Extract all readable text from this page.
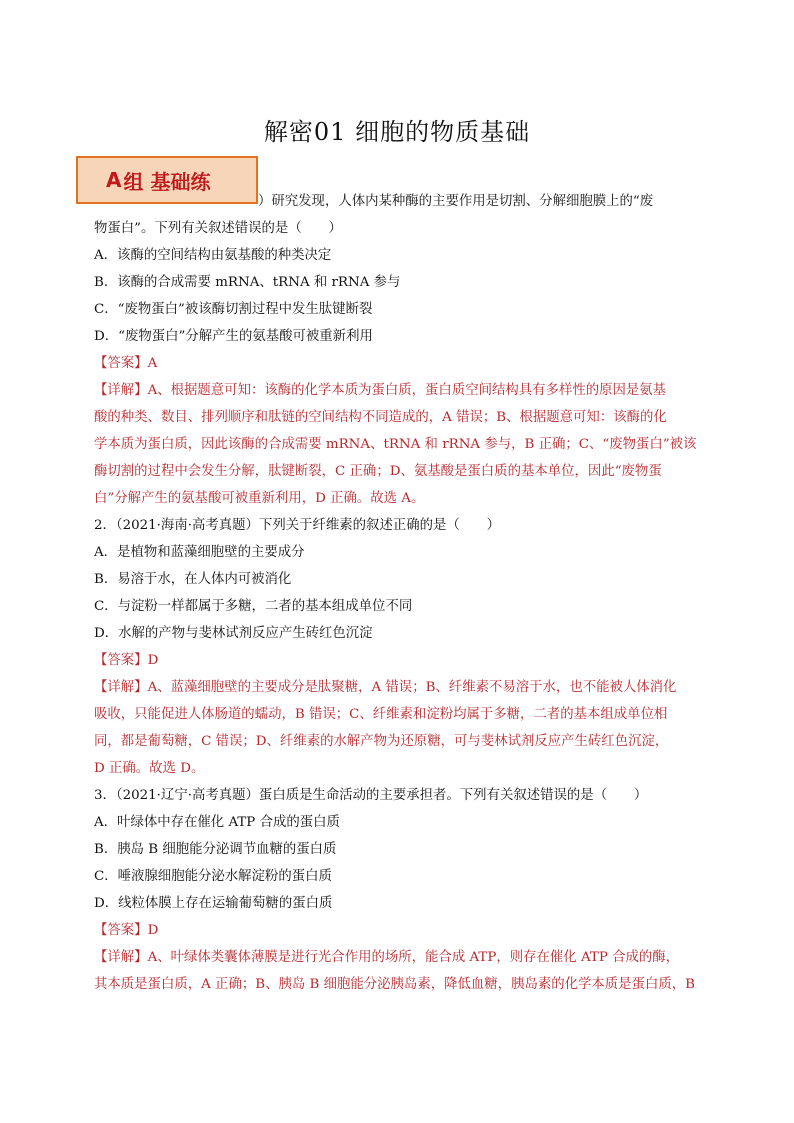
解密01 细胞的物质基础
A 组 基础练
）研究发现，人体内某种酶的主要作用是切割、分解细胞膜上的“废
物蛋白”。下列有关叙述错误的是（　　）
A．该酶的空间结构由氨基酸的种类决定
B．该酶的合成需要 mRNA、tRNA 和 rRNA 参与
C．“废物蛋白”被该酶切割过程中发生肽键断裂
D．“废物蛋白”分解产生的氨基酸可被重新利用
【答案】A
【详解】A、根据题意可知：该酶的化学本质为蛋白质，蛋白质空间结构具有多样性的原因是氨基
酸的种类、数目、排列顺序和肽链的空间结构不同造成的，A 错误；B、根据题意可知：该酶的化
学本质为蛋白质，因此该酶的合成需要 mRNA、tRNA 和 rRNA 参与，B 正确；C、“废物蛋白”被该
酶切割的过程中会发生分解，肽键断裂，C 正确；D、氨基酸是蛋白质的基本单位，因此“废物蛋
白”分解产生的氨基酸可被重新利用，D 正确。故选 A。
2．（2021·海南·高考真题）下列关于纤维素的叙述正确的是（　　）
A．是植物和蓝藻细胞壁的主要成分
B．易溶于水，在人体内可被消化
C．与淀粉一样都属于多糖，二者的基本组成单位不同
D．水解的产物与斐林试剂反应产生砖红色沉淀
【答案】D
【详解】A、蓝藻细胞壁的主要成分是肽聚糖，A 错误；B、纤维素不易溶于水，也不能被人体消化
吸收，只能促进人体肠道的蠕动，B 错误；C、纤维素和淀粉均属于多糖，二者的基本组成单位相
同，都是葡萄糖，C 错误；D、纤维素的水解产物为还原糖，可与斐林试剂反应产生砖红色沉淀，
D 正确。故选 D。
3．（2021·辽宁·高考真题）蛋白质是生命活动的主要承担者。下列有关叙述错误的是（　　）
A．叶绿体中存在催化 ATP 合成的蛋白质
B．胰岛 B 细胞能分泌调节血糖的蛋白质
C．唾液腺细胞能分泌水解淀粉的蛋白质
D．线粒体膜上存在运输葡萄糖的蛋白质
【答案】D
【详解】A、叶绿体类囊体薄膜是进行光合作用的场所，能合成 ATP，则存在催化 ATP 合成的酶，
其本质是蛋白质，A 正确；B、胰岛 B 细胞能分泌胰岛素，降低血糖，胰岛素的化学本质是蛋白质，B
